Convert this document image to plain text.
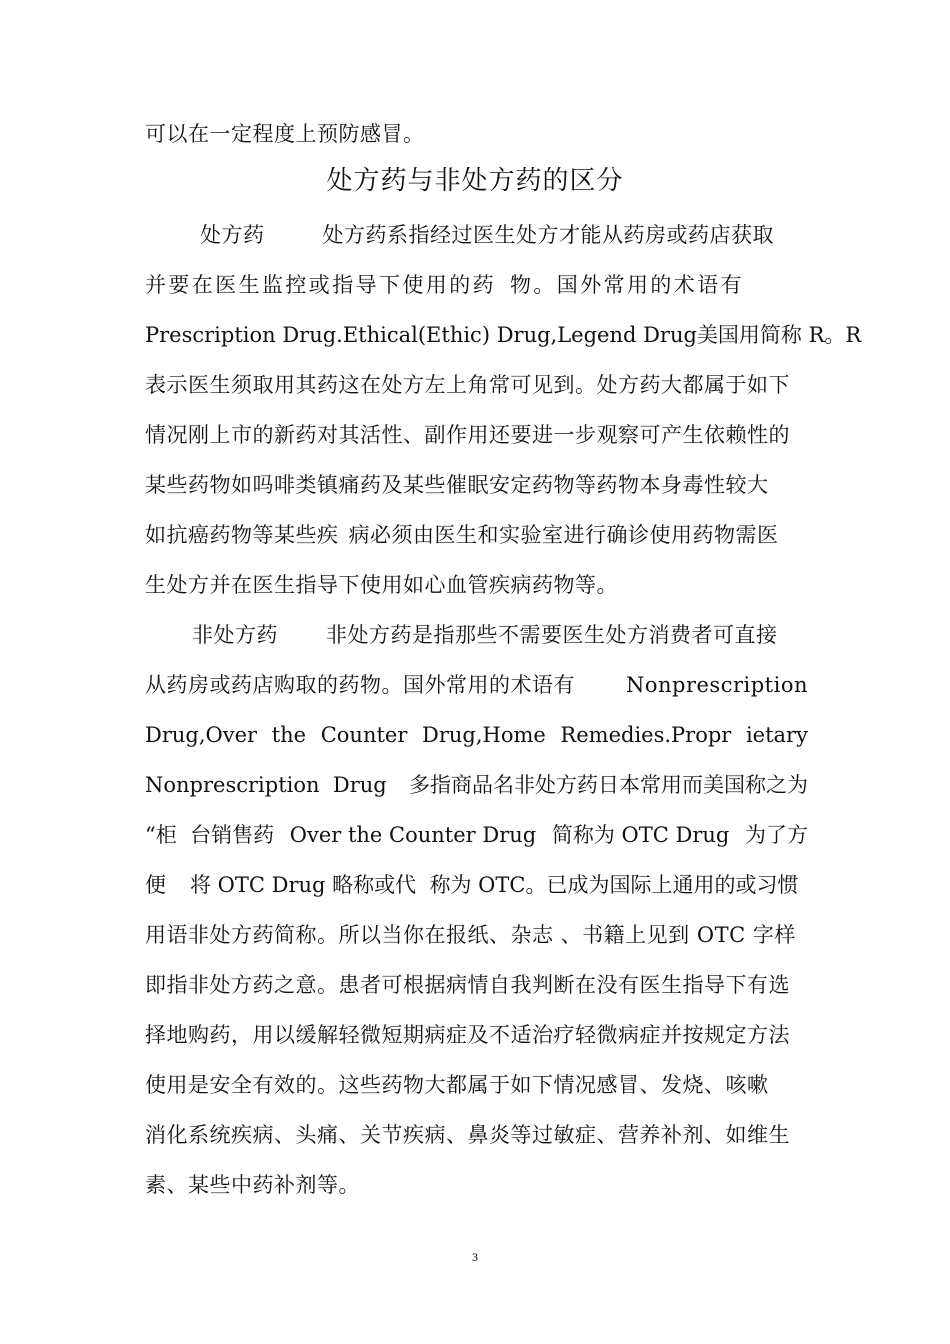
可以在一定程度上预防感冒。
处方药与非处方药的区分
处方药	处方药系指经过医生处方才能从药房或药店获取
并要在医生监控或指导下使用的药 物。国外常用的术语有
Prescription Drug.Ethical(Ethic) Drug,Legend Drug 美国用简称 R。R
表示医生须取用其药这在处方左上角常可见到。处方药大都属于如下
情况刚上市的新药对其活性、副作用还要进一步观察可产生依赖性的
某些药物如吗啡类镇痛药及某些催眠安定药物等药物本身毒性较大
如抗癌药物等某些疾 病必须由医生和实验室进行确诊使用药物需医
生处方并在医生指导下使用如心血管疾病药物等。
非处方药 非处方药是指那些不需要医生处方消费者可直接
从药房或药店购取的药物。国外常用的术语有 Nonprescription
Drug,Over the Counter Drug,Home Remedies.Propr ietary
Nonprescription  Drug 多指商品名非处方药日本常用而美国称之为
“柜  台销售药 Over the Counter Drug 简称为 OTC Drug 为了方
便 将 OTC Drug 略称或代  称为 OTC。已成为国际上通用的或习惯
用语非处方药简称。所以当你在报纸、杂志 、书籍上见到 OTC 字样
即指非处方药之意。患者可根据病情自我判断在没有医生指导下有选
择地购药，用以缓解轻微短期病症及不适治疗轻微病症并按规定方法
使用是安全有效的。这些药物大都属于如下情况感冒、发烧、咳嗽
消化系统疾病、头痛、关节疾病、鼻炎等过敏症、营养补剂、如维生
素、某些中药补剂等。
3
